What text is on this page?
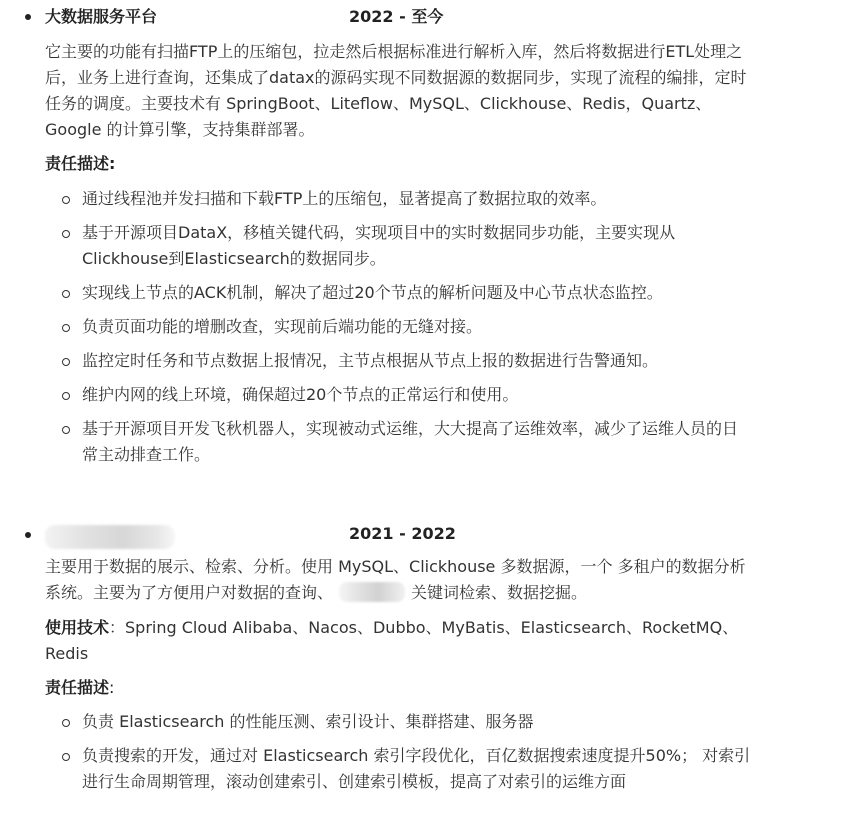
大数据服务平台	2022 - 至今
它主要的功能有扫描FTP上的压缩包，拉走然后根据标准进行解析入库，然后将数据进行ETL处理之后，业务上进行查询，还集成了datax的源码实现不同数据源的数据同步，实现了流程的编排，定时任务的调度。主要技术有 SpringBoot、Liteflow、MySQL、Clickhouse、Redis，Quartz、Google 的计算引擎，支持集群部署。
责任描述:
通过线程池并发扫描和下载FTP上的压缩包，显著提高了数据拉取的效率。
基于开源项目DataX，移植关键代码，实现项目中的实时数据同步功能，主要实现从Clickhouse到Elasticsearch的数据同步。
实现线上节点的ACK机制，解决了超过20个节点的解析问题及中心节点状态监控。
负责页面功能的增删改查，实现前后端功能的无缝对接。
监控定时任务和节点数据上报情况，主节点根据从节点上报的数据进行告警通知。
维护内网的线上环境，确保超过20个节点的正常运行和使用。
基于开源项目开发飞秋机器人，实现被动式运维，大大提高了运维效率，减少了运维人员的日常主动排查工作。
2021 - 2022
主要用于数据的展示、检索、分析。使用 MySQL、Clickhouse 多数据源，一个 多租户的数据分析系统。主要为了方便用户对数据的查询、	关键词检索、数据挖掘。
使用技术：Spring Cloud Alibaba、Nacos、Dubbo、MyBatis、Elasticsearch、RocketMQ、Redis
责任描述:
负责 Elasticsearch 的性能压测、索引设计、集群搭建、服务器
负责搜索的开发，通过对 Elasticsearch 索引字段优化，百亿数据搜索速度提升50%； 对索引进行生命周期管理，滚动创建索引、创建索引模板，提高了对索引的运维方面
